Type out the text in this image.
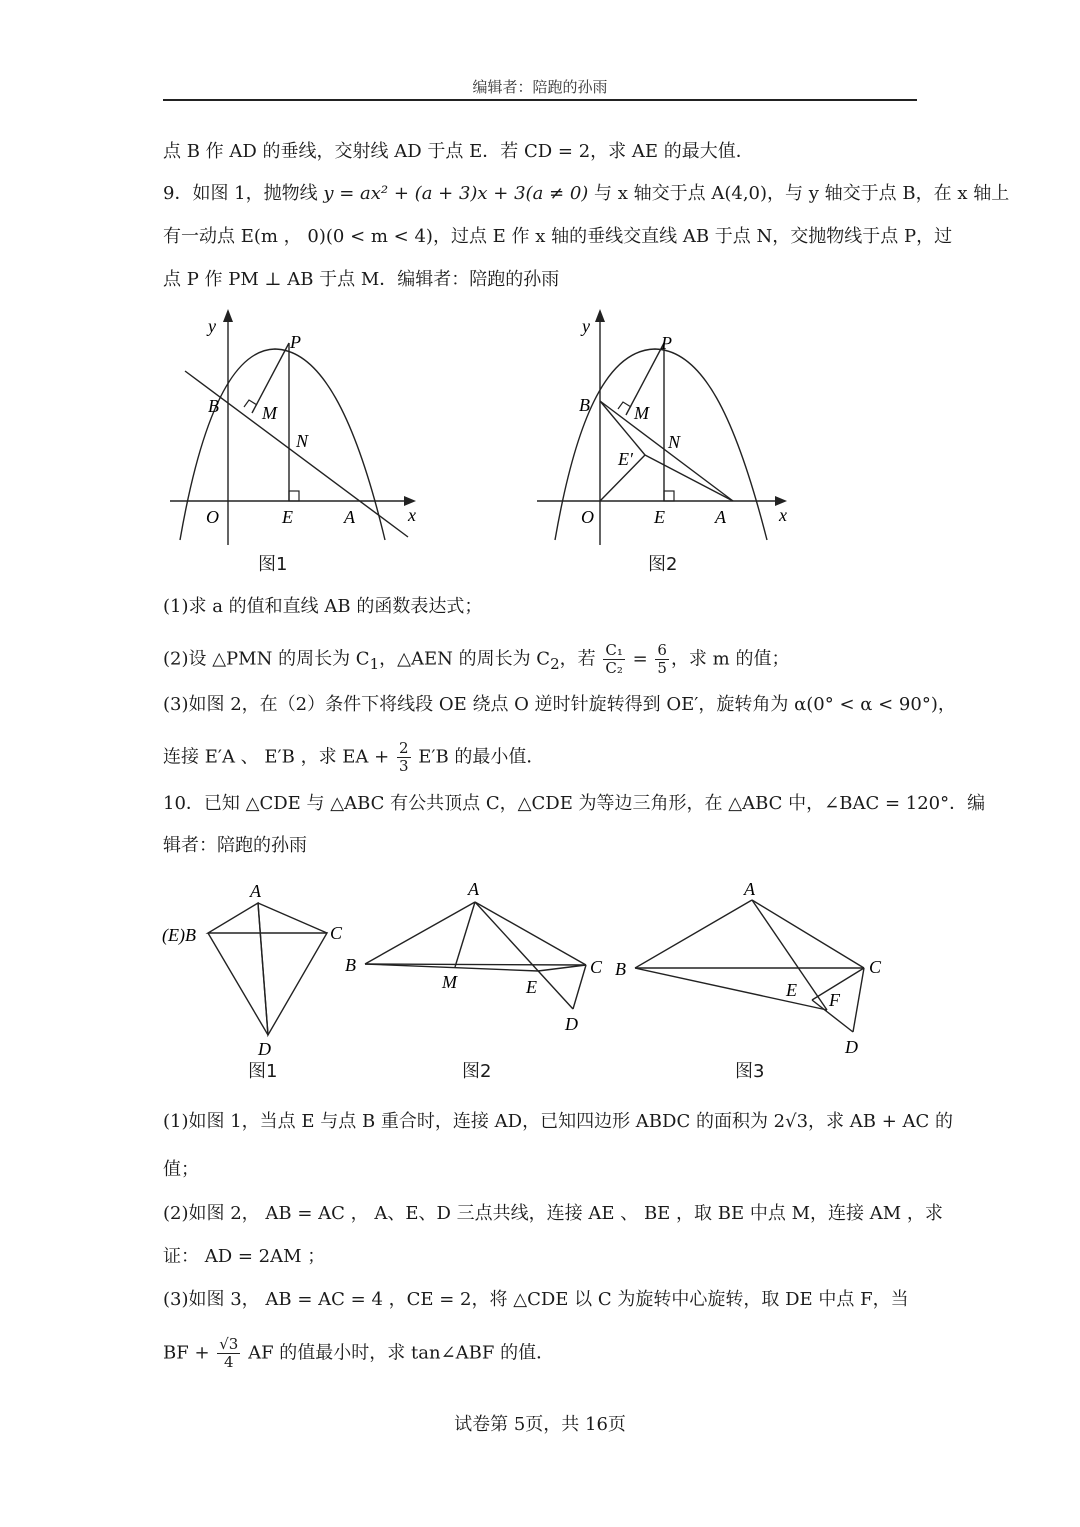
编辑者：陪跑的孙雨
点 B 作 AD 的垂线，交射线 AD 于点 E．若 CD = 2，求 AE 的最大值．
9．如图 1，抛物线 y = ax² + (a + 3)x + 3(a ≠ 0) 与 x 轴交于点 A(4,0)，与 y 轴交于点 B，在 x 轴上
有一动点 E(m ， 0)(0 < m < 4)，过点 E 作 x 轴的垂线交直线 AB 于点 N，交抛物线于点 P，过
点 P 作 PM ⊥ AB 于点 M．编辑者：陪跑的孙雨
y
x
O	E	A
B
P
M
N
图1
y
x
O	E	A
B
P
M
N
E′
图2
(1)求 a 的值和直线 AB 的函数表达式；
(2)设 △PMN 的周长为 $C_1$，△AEN 的周长为 $C_2$，若 $\frac{\text{C₁}}{\text{C₂}} = \frac{6}{5}$ ，求 m 的值；
(3)如图 2，在（2）条件下将线段 OE 绕点 O 逆时针旋转得到 OE′，旋转角为 α(0° < α < 90°)，
连接 E′A 、 E′B ，求 EA + $\frac{2}{3} E'B$ 的最小值．
10．已知 △CDE 与 △ABC 有公共顶点 C，△CDE 为等边三角形，在 △ABC 中，∠BAC = 120°．编
辑者：陪跑的孙雨
A
(E)B	C
D
图1
A
B	C
D
E
M
图2
A
B	C
D
E F
图3
(1)如图 1，当点 E 与点 B 重合时，连接 AD，已知四边形 ABDC 的面积为 2√3，求 AB + AC 的
值；
(2)如图 2， AB = AC ， A、E、D 三点共线，连接 AE 、 BE ，取 BE 中点 M，连接 AM ，求
证： AD = 2AM ；
(3)如图 3， AB = AC = 4 ，CE = 2，将 △CDE 以 C 为旋转中心旋转，取 DE 中点 F，当
BF + $\frac{√3}{4}$ AF 的值最小时，求 tan∠ABF 的值．
试卷第 5页，共 16页
